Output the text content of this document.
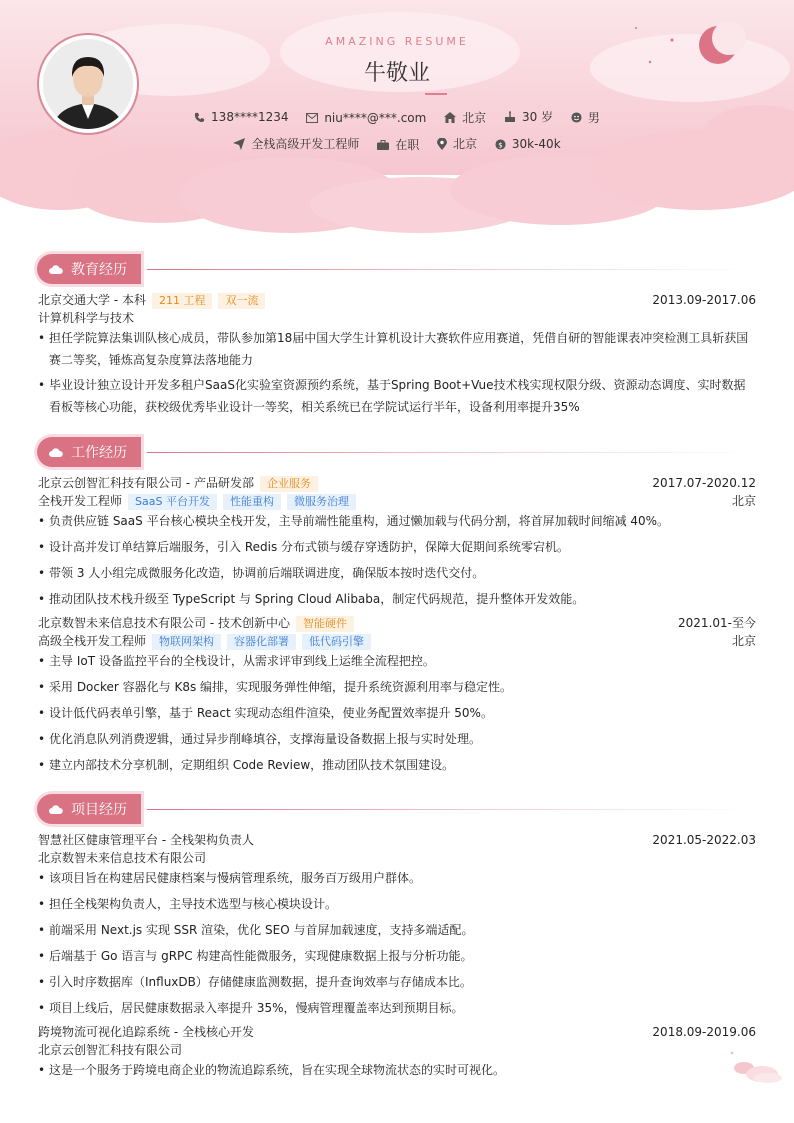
AMAZING RESUME
牛敬业
138****1234
	niu****@***.com
	北京
	30 岁
	男
全栈高级开发工程师
	在职
	北京
	$ 30k-40k
教育经历
北京交通大学 - 本科 211 工程 双一流	2013.09-2017.06
计算机科学与技术
• 担任学院算法集训队核心成员，带队参加第18届中国大学生计算机设计大赛软件应用赛道，凭借自研的智能课表冲突检测工具斩获国赛二等奖，锤炼高复杂度算法落地能力
• 毕业设计独立设计开发多租户SaaS化实验室资源预约系统，基于Spring Boot+Vue技术栈实现权限分级、资源动态调度、实时数据看板等核心功能，获校级优秀毕业设计一等奖，相关系统已在学院试运行半年，设备利用率提升35%
工作经历
北京云创智汇科技有限公司 - 产品研发部 企业服务	2017.07-2020.12
全栈开发工程师 SaaS 平台开发 性能重构 微服务治理	北京
• 负责供应链 SaaS 平台核心模块全栈开发，主导前端性能重构，通过懒加载与代码分割，将首屏加载时间缩减 40%。
• 设计高并发订单结算后端服务，引入 Redis 分布式锁与缓存穿透防护，保障大促期间系统零宕机。
• 带领 3 人小组完成微服务化改造，协调前后端联调进度，确保版本按时迭代交付。
• 推动团队技术栈升级至 TypeScript 与 Spring Cloud Alibaba，制定代码规范，提升整体开发效能。
北京数智未来信息技术有限公司 - 技术创新中心 智能硬件	2021.01-至今
高级全栈开发工程师 物联网架构 容器化部署 低代码引擎	北京
• 主导 IoT 设备监控平台的全栈设计，从需求评审到线上运维全流程把控。
• 采用 Docker 容器化与 K8s 编排，实现服务弹性伸缩，提升系统资源利用率与稳定性。
• 设计低代码表单引擎，基于 React 实现动态组件渲染，使业务配置效率提升 50%。
• 优化消息队列消费逻辑，通过异步削峰填谷，支撑海量设备数据上报与实时处理。
• 建立内部技术分享机制，定期组织 Code Review，推动团队技术氛围建设。
项目经历
智慧社区健康管理平台 - 全栈架构负责人	2021.05-2022.03
北京数智未来信息技术有限公司
• 该项目旨在构建居民健康档案与慢病管理系统，服务百万级用户群体。
• 担任全栈架构负责人，主导技术选型与核心模块设计。
• 前端采用 Next.js 实现 SSR 渲染，优化 SEO 与首屏加载速度，支持多端适配。
• 后端基于 Go 语言与 gRPC 构建高性能微服务，实现健康数据上报与分析功能。
• 引入时序数据库（InfluxDB）存储健康监测数据，提升查询效率与存储成本比。
• 项目上线后，居民健康数据录入率提升 35%，慢病管理覆盖率达到预期目标。
跨境物流可视化追踪系统 - 全栈核心开发	2018.09-2019.06
北京云创智汇科技有限公司
• 这是一个服务于跨境电商企业的物流追踪系统，旨在实现全球物流状态的实时可视化。
